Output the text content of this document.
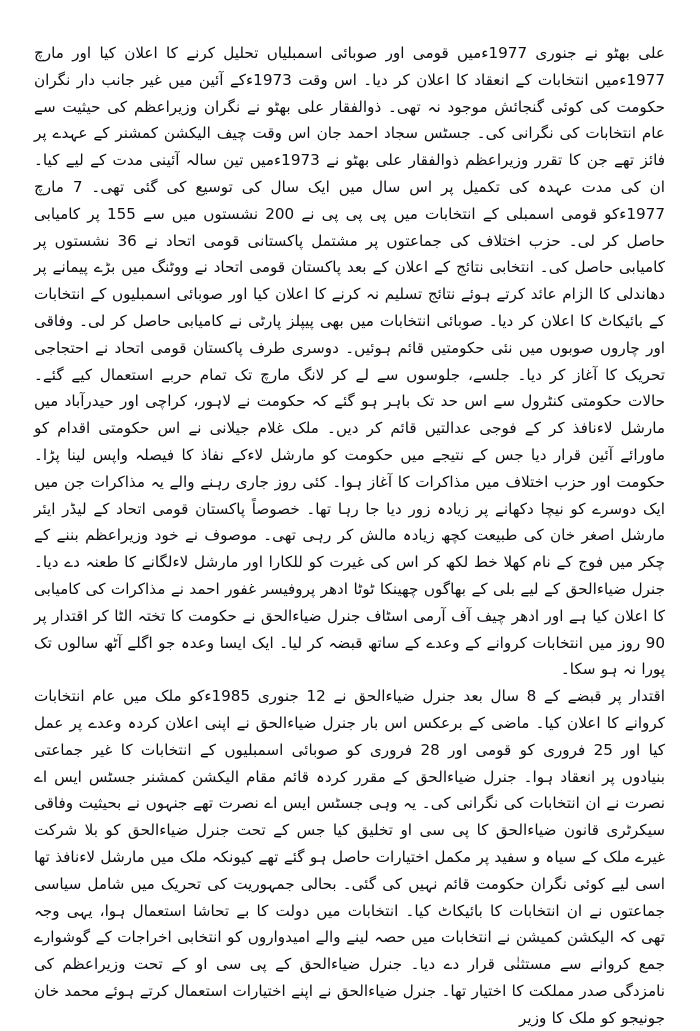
علی بھٹو نے جنوری 1977ءمیں قومی اور صوبائی اسمبلیاں تحلیل کرنے کا اعلان کیا اور مارچ 1977ءمیں انتخابات کے انعقاد کا اعلان کر دیا۔ اس وقت 1973ءکے آئین میں غیر جانب دار نگران حکومت کی کوئی گنجائش موجود نہ تھی۔ ذوالفقار علی بھٹو نے نگران وزیراعظم کی حیثیت سے عام انتخابات کی نگرانی کی۔ جسٹس سجاد احمد جان اس وقت چیف الیکشن کمشنر کے عہدے پر فائز تھے جن کا تقرر وزیراعظم ذوالفقار علی بھٹو نے 1973ءمیں تین سالہ آئینی مدت کے لیے کیا۔ ان کی مدت عہدہ کی تکمیل پر اس سال میں ایک سال کی توسیع کی گئی تھی۔ 7 مارچ 1977ءکو قومی اسمبلی کے انتخابات میں پی پی پی نے 200 نشستوں میں سے 155 پر کامیابی حاصل کر لی۔ حزب اختلاف کی جماعتوں پر مشتمل پاکستانی قومی اتحاد نے 36 نشستوں پر کامیابی حاصل کی۔ انتخابی نتائج کے اعلان کے بعد پاکستان قومی اتحاد نے ووٹنگ میں بڑے پیمانے پر دھاندلی کا الزام عائد کرتے ہوئے نتائج تسلیم نہ کرنے کا اعلان کیا اور صوبائی اسمبلیوں کے انتخابات کے بائیکاٹ کا اعلان کر دیا۔ صوبائی انتخابات میں بھی پیپلز پارٹی نے کامیابی حاصل کر لی۔ وفاقی اور چاروں صوبوں میں نئی حکومتیں قائم ہوئیں۔ دوسری طرف پاکستان قومی اتحاد نے احتجاجی تحریک کا آغاز کر دیا۔ جلسے، جلوسوں سے لے کر لانگ مارچ تک تمام حربے استعمال کیے گئے۔ حالات حکومتی کنٹرول سے اس حد تک باہر ہو گئے کہ حکومت نے لاہور، کراچی اور حیدرآباد میں مارشل لاءنافذ کر کے فوجی عدالتیں قائم کر دیں۔ ملک غلام جیلانی نے اس حکومتی اقدام کو ماورائے آئین قرار دیا جس کے نتیجے میں حکومت کو مارشل لاءکے نفاذ کا فیصلہ واپس لینا پڑا۔ حکومت اور حزب اختلاف میں مذاکرات کا آغاز ہوا۔ کئی روز جاری رہنے والے یہ مذاکرات جن میں ایک دوسرے کو نیچا دکھانے پر زیادہ زور دیا جا رہا تھا۔ خصوصاً پاکستان قومی اتحاد کے لیڈر ایئر مارشل اصغر خان کی طبیعت کچھ زیادہ مالش کر رہی تھی۔ موصوف نے خود وزیراعظم بننے کے چکر میں فوج کے نام کھلا خط لکھ کر اس کی غیرت کو للکارا اور مارشل لاءلگانے کا طعنہ دے دیا۔ جنرل ضیاءالحق کے لیے بلی کے بھاگوں چھینکا ٹوٹا ادھر پروفیسر غفور احمد نے مذاکرات کی کامیابی کا اعلان کیا ہے اور ادھر چیف آف آرمی اسٹاف جنرل ضیاءالحق نے حکومت کا تختہ الٹا کر اقتدار پر 90 روز میں انتخابات کروانے کے وعدے کے ساتھ قبضہ کر لیا۔ ایک ایسا وعدہ جو اگلے آٹھ سالوں تک پورا نہ ہو سکا۔

اقتدار پر قبضے کے 8 سال بعد جنرل ضیاءالحق نے 12 جنوری 1985ءکو ملک میں عام انتخابات کروانے کا اعلان کیا۔ ماضی کے برعکس اس بار جنرل ضیاءالحق نے اپنی اعلان کردہ وعدے پر عمل کیا اور 25 فروری کو قومی اور 28 فروری کو صوبائی اسمبلیوں کے انتخابات کا غیر جماعتی بنیادوں پر انعقاد ہوا۔ جنرل ضیاءالحق کے مقرر کردہ قائم مقام الیکشن کمشنر جسٹس ایس اے نصرت نے ان انتخابات کی نگرانی کی۔ یہ وہی جسٹس ایس اے نصرت تھے جنہوں نے بحیثیت وفاقی سیکرٹری قانون ضیاءالحق کا پی سی او تخلیق کیا جس کے تحت جنرل ضیاءالحق کو بلا شرکت غیرے ملک کے سیاہ و سفید پر مکمل اختیارات حاصل ہو گئے تھے کیونکہ ملک میں مارشل لاءنافذ تھا اسی لیے کوئی نگران حکومت قائم نہیں کی گئی۔ بحالی جمہوریت کی تحریک میں شامل سیاسی جماعتوں نے ان انتخابات کا بائیکاٹ کیا۔ انتخابات میں دولت کا بے تحاشا استعمال ہوا، یہی وجہ تھی کہ الیکشن کمیشن نے انتخابات میں حصہ لینے والے امیدواروں کو انتخابی اخراجات کے گوشوارے جمع کروانے سے مستثنٰی قرار دے دیا۔ جنرل ضیاءالحق کے پی سی او کے تحت وزیراعظم کی نامزدگی صدر مملکت کا اختیار تھا۔ جنرل ضیاءالحق نے اپنے اختیارات استعمال کرتے ہوئے محمد خان جونیجو کو ملک کا وزیر
